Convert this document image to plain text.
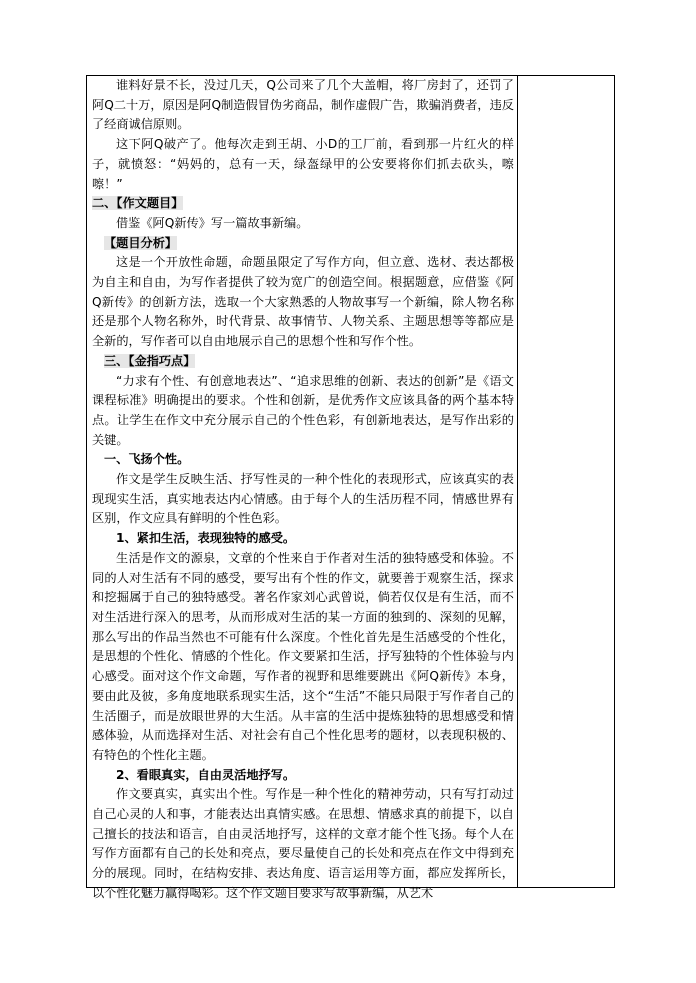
谁料好景不长，没过几天，Q公司来了几个大盖帽，将厂房封了，还罚了阿Q二十万，原因是阿Q制造假冒伪劣商品，制作虚假广告，欺骗消费者，违反了经商诚信原则。

这下阿Q破产了。他每次走到王胡、小D的工厂前，看到那一片红火的样子，就愤怒：“妈妈的，总有一天，绿盔绿甲的公安要将你们抓去砍头，嚓嚓！”

二、【作文题目】

借鉴《阿Q新传》写一篇故事新编。

【题目分析】

这是一个开放性命题，命题虽限定了写作方向，但立意、选材、表达都极为自主和自由，为写作者提供了较为宽广的创造空间。根据题意，应借鉴《阿Q新传》的创新方法，选取一个大家熟悉的人物故事写一个新编，除人物名称还是那个人物名称外，时代背景、故事情节、人物关系、主题思想等等都应是全新的，写作者可以自由地展示自己的思想个性和写作个性。

三、【金指巧点】

“力求有个性、有创意地表达”、“追求思维的创新、表达的创新”是《语文课程标准》明确提出的要求。个性和创新，是优秀作文应该具备的两个基本特点。让学生在作文中充分展示自己的个性色彩，有创新地表达，是写作出彩的关键。

一、飞扬个性。

作文是学生反映生活、抒写性灵的一种个性化的表现形式，应该真实的表现现实生活，真实地表达内心情感。由于每个人的生活历程不同，情感世界有区别，作文应具有鲜明的个性色彩。

1、紧扣生活，表现独特的感受。

生活是作文的源泉，文章的个性来自于作者对生活的独特感受和体验。不同的人对生活有不同的感受，要写出有个性的作文，就要善于观察生活，探求和挖掘属于自己的独特感受。著名作家刘心武曾说，倘若仅仅是有生活，而不对生活进行深入的思考，从而形成对生活的某一方面的独到的、深刻的见解，那么写出的作品当然也不可能有什么深度。个性化首先是生活感受的个性化，是思想的个性化、情感的个性化。作文要紧扣生活，抒写独特的个性体验与内心感受。面对这个作文命题，写作者的视野和思维要跳出《阿Q新传》本身，要由此及彼，多角度地联系现实生活，这个“生活”不能只局限于写作者自己的生活圈子，而是放眼世界的大生活。从丰富的生活中提炼独特的思想感受和情感体验，从而选择对生活、对社会有自己个性化思考的题材，以表现积极的、有特色的个性化主题。

2、看眼真实，自由灵活地抒写。

作文要真实，真实出个性。写作是一种个性化的精神劳动，只有写打动过自己心灵的人和事，才能表达出真情实感。在思想、情感求真的前提下，以自己擅长的技法和语言，自由灵活地抒写，这样的文章才能个性飞扬。每个人在写作方面都有自己的长处和亮点，要尽量使自己的长处和亮点在作文中得到充分的展现。同时，在结构安排、表达角度、语言运用等方面，都应发挥所长，以个性化魅力赢得喝彩。这个作文题目要求写故事新编，从艺术
